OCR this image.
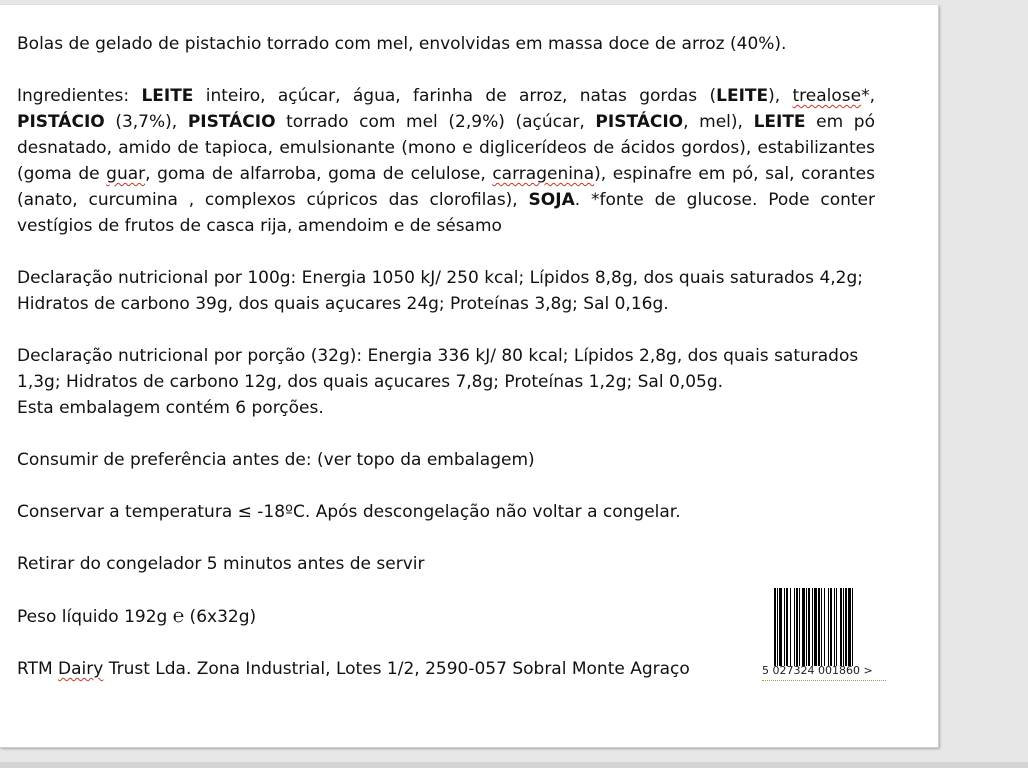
Bolas de gelado de pistachio torrado com mel, envolvidas em massa doce de arroz (40%).

Ingredientes: LEITE inteiro, açúcar, água, farinha de arroz, natas gordas (LEITE), trealose*, PISTÁCIO (3,7%), PISTÁCIO torrado com mel (2,9%) (açúcar, PISTÁCIO, mel), LEITE em pó desnatado, amido de tapioca, emulsionante (mono e diglicerídeos de ácidos gordos), estabilizantes (goma de guar, goma de alfarroba, goma de celulose, carragenina), espinafre em pó, sal, corantes (anato, curcumina , complexos cúpricos das clorofilas), SOJA. *fonte de glucose. Pode conter vestígios de frutos de casca rija, amendoim e de sésamo

Declaração nutricional por 100g: Energia 1050 kJ/ 250 kcal; Lípidos 8,8g, dos quais saturados 4,2g; Hidratos de carbono 39g, dos quais açucares 24g; Proteínas 3,8g; Sal 0,16g.

Declaração nutricional por porção (32g): Energia 336 kJ/ 80 kcal; Lípidos 2,8g, dos quais saturados 1,3g; Hidratos de carbono 12g, dos quais açucares 7,8g; Proteínas 1,2g; Sal 0,05g.

Esta embalagem contém 6 porções.

Consumir de preferência antes de: (ver topo da embalagem)

Conservar a temperatura ≤ -18ºC. Após descongelação não voltar a congelar.

Retirar do congelador 5 minutos antes de servir

Peso líquido 192g ℮ (6x32g)

RTM Dairy Trust Lda. Zona Industrial, Lotes 1/2, 2590-057 Sobral Monte Agraço	5 027324 001860 >
